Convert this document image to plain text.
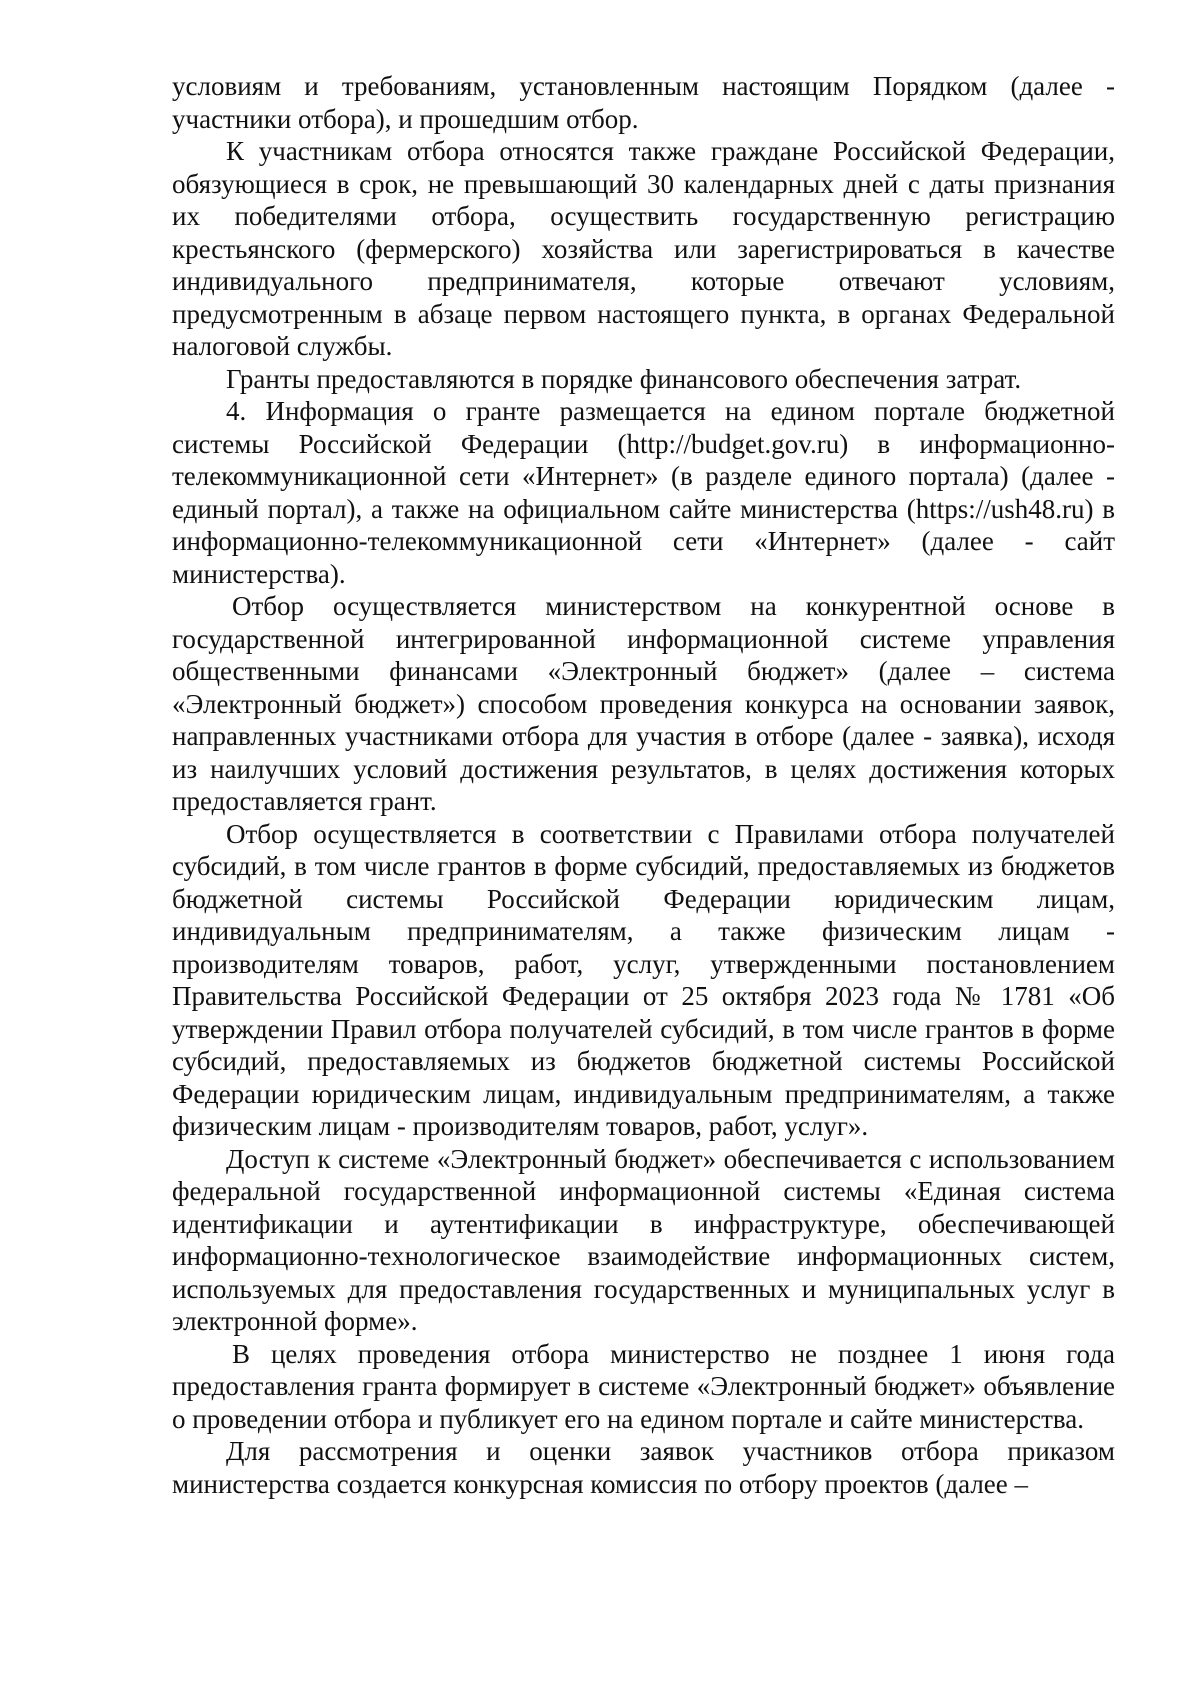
условиям и требованиям, установленным настоящим Порядком (далее - участники отбора), и прошедшим отбор.

К участникам отбора относятся также граждане Российской Федерации, обязующиеся в срок, не превышающий 30 календарных дней с даты признания их победителями отбора, осуществить государственную регистрацию крестьянского (фермерского) хозяйства или зарегистрироваться в качестве индивидуального предпринимателя, которые отвечают условиям, предусмотренным в абзаце первом настоящего пункта, в органах Федеральной налоговой службы.

Гранты предоставляются в порядке финансового обеспечения затрат.

4. Информация о гранте размещается на едином портале бюджетной системы Российской Федерации (http://budget.gov.ru) в информационно-телекоммуникационной сети «Интернет» (в разделе единого портала) (далее - единый портал), а также на официальном сайте министерства (https://ush48.ru) в информационно-телекоммуникационной сети «Интернет» (далее - сайт министерства).

Отбор осуществляется министерством на конкурентной основе в государственной интегрированной информационной системе управления общественными финансами «Электронный бюджет» (далее – система «Электронный бюджет») способом проведения конкурса на основании заявок, направленных участниками отбора для участия в отборе (далее - заявка), исходя из наилучших условий достижения результатов, в целях достижения которых предоставляется грант.

Отбор осуществляется в соответствии с Правилами отбора получателей субсидий, в том числе грантов в форме субсидий, предоставляемых из бюджетов бюджетной системы Российской Федерации юридическим лицам, индивидуальным предпринимателям, а также физическим лицам - производителям товаров, работ, услуг, утвержденными постановлением Правительства Российской Федерации от 25 октября 2023 года № 1781 «Об утверждении Правил отбора получателей субсидий, в том числе грантов в форме субсидий, предоставляемых из бюджетов бюджетной системы Российской Федерации юридическим лицам, индивидуальным предпринимателям, а также физическим лицам - производителям товаров, работ, услуг».

Доступ к системе «Электронный бюджет» обеспечивается с использованием федеральной государственной информационной системы «Единая система идентификации и аутентификации в инфраструктуре, обеспечивающей информационно-технологическое взаимодействие информационных систем, используемых для предоставления государственных и муниципальных услуг в электронной форме».

В целях проведения отбора министерство не позднее 1 июня года предоставления гранта формирует в системе «Электронный бюджет» объявление о проведении отбора и публикует его на едином портале и сайте министерства.

Для рассмотрения и оценки заявок участников отбора приказом министерства создается конкурсная комиссия по отбору проектов (далее –
